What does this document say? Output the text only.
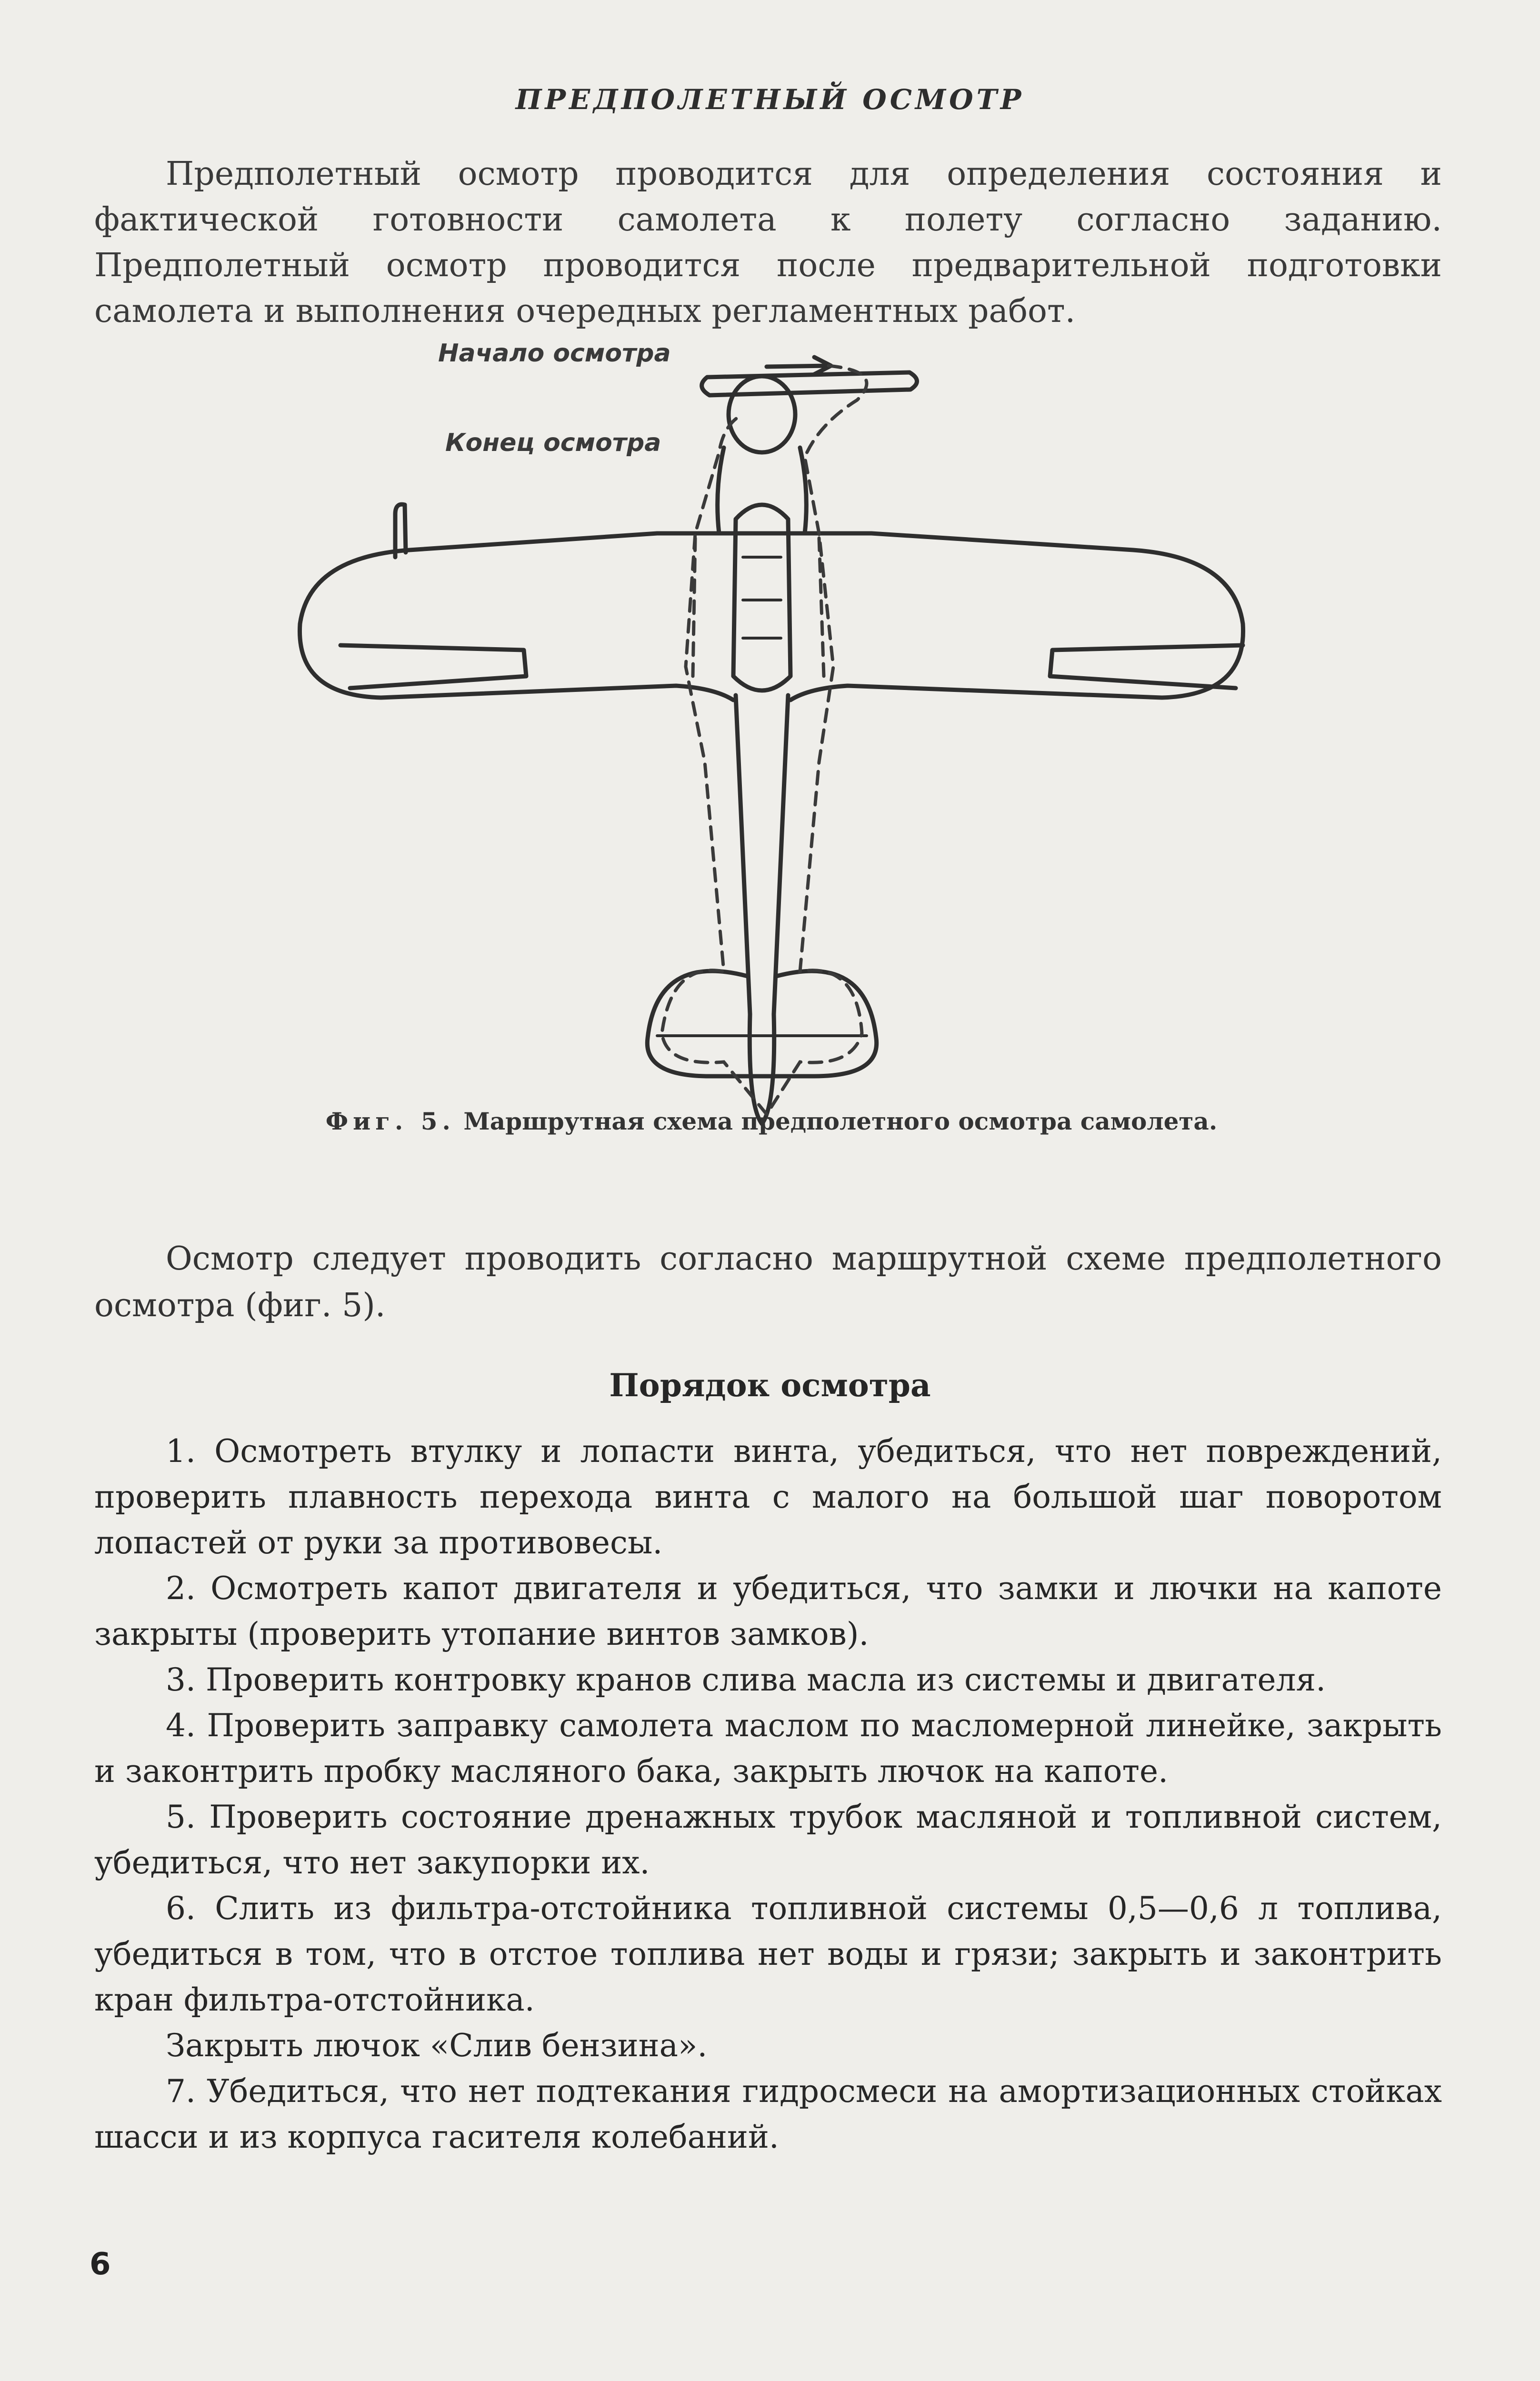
ПРЕДПОЛЕТНЫЙ ОСМОТР

Предполетный осмотр проводится для определения состояния и фактической готовности самолета к полету согласно заданию. Предполетный осмотр проводится после предварительной подготовки самолета и выполнения очередных регламентных работ.

Начало осмотра
Конец осмотра
Фиг. 5. Маршрутная схема предполетного осмотра самолета.

Осмотр следует проводить согласно маршрутной схеме предполетного осмотра (фиг. 5).

Порядок осмотра

1. Осмотреть втулку и лопасти винта, убедиться, что нет повреждений, проверить плавность перехода винта с малого на большой шаг поворотом лопастей от руки за противовесы.

2. Осмотреть капот двигателя и убедиться, что замки и лючки на капоте закрыты (проверить утопание винтов замков).

3. Проверить контровку кранов слива масла из системы и двигателя.

4. Проверить заправку самолета маслом по масломерной линейке, закрыть и законтрить пробку масляного бака, закрыть лючок на капоте.

5. Проверить состояние дренажных трубок масляной и топливной систем, убедиться, что нет закупорки их.

6. Слить из фильтра-отстойника топливной системы 0,5—0,6 л топлива, убедиться в том, что в отстое топлива нет воды и грязи; закрыть и законтрить кран фильтра-отстойника.

Закрыть лючок «Слив бензина».

7. Убедиться, что нет подтекания гидросмеси на амортизационных стойках шасси и из корпуса гасителя колебаний.

6
